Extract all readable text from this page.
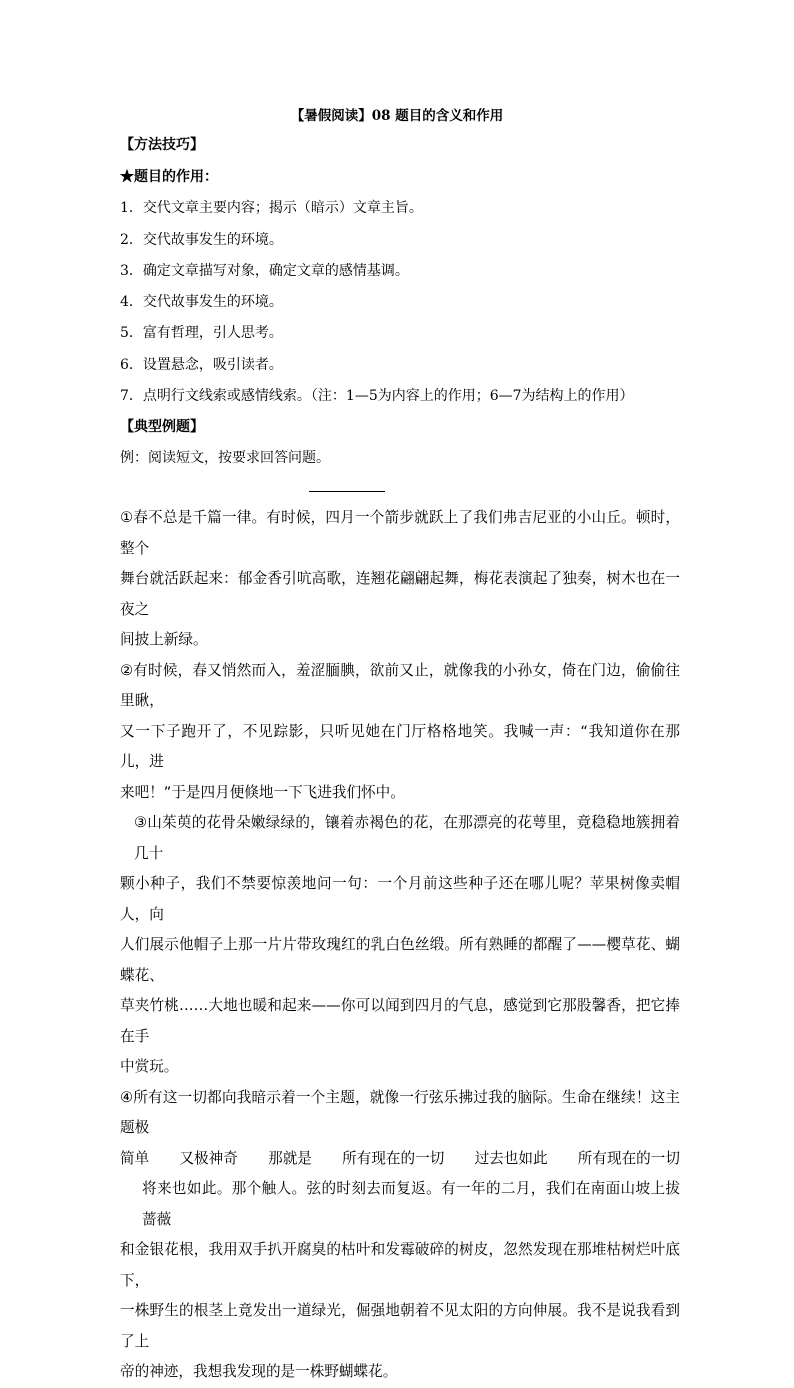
【暑假阅读】08 题目的含义和作用
【方法技巧】
★题目的作用：
1．交代文章主要内容；揭示（暗示）文章主旨。
2．交代故事发生的环境。
3．确定文章描写对象，确定文章的感情基调。
4．交代故事发生的环境。
5．富有哲理，引人思考。
6．设置悬念，吸引读者。
7．点明行文线索或感情线索。（注：1—5为内容上的作用；6—7为结构上的作用）
【典型例题】
例：阅读短文，按要求回答问题。

①春不总是千篇一律。有时候，四月一个箭步就跃上了我们弗吉尼亚的小山丘。顿时，整个

舞台就活跃起来：郁金香引吭高歌，连翘花翩翩起舞，梅花表演起了独奏，树木也在一夜之

间披上新绿。

②有时候，春又悄然而入，羞涩腼腆，欲前又止，就像我的小孙女，倚在门边，偷偷往里瞅，

又一下子跑开了，不见踪影，只听见她在门厅格格地笑。我喊一声：“我知道你在那儿，进

来吧！”于是四月便倏地一下飞进我们怀中。

③山茱萸的花骨朵嫩绿绿的，镶着赤褐色的花，在那漂亮的花萼里，竟稳稳地簇拥着几十

颗小种子，我们不禁要惊羡地问一句：一个月前这些种子还在哪儿呢？苹果树像卖帽人，向

人们展示他帽子上那一片片带玫瑰红的乳白色丝缎。所有熟睡的都醒了——樱草花、蝴蝶花、

草夹竹桃……大地也暖和起来——你可以闻到四月的气息，感觉到它那股馨香，把它捧在手

中赏玩。

④所有这一切都向我暗示着一个主题，就像一行弦乐拂过我的脑际。生命在继续！这主题极

简单 又极神奇 那就是 所有现在的一切 过去也如此 所有现在的一切

将来也如此。那个触人。弦的时刻去而复返。有一年的二月，我们在南面山坡上拔蔷薇

和金银花根，我用双手扒开腐臭的枯叶和发霉破碎的树皮，忽然发现在那堆枯树烂叶底下，

一株野生的根茎上竟发出一道绿光，倔强地朝着不见太阳的方向伸展。我不是说我看到了上

帝的神迹，我想我发现的是一株野蝴蝶花。
